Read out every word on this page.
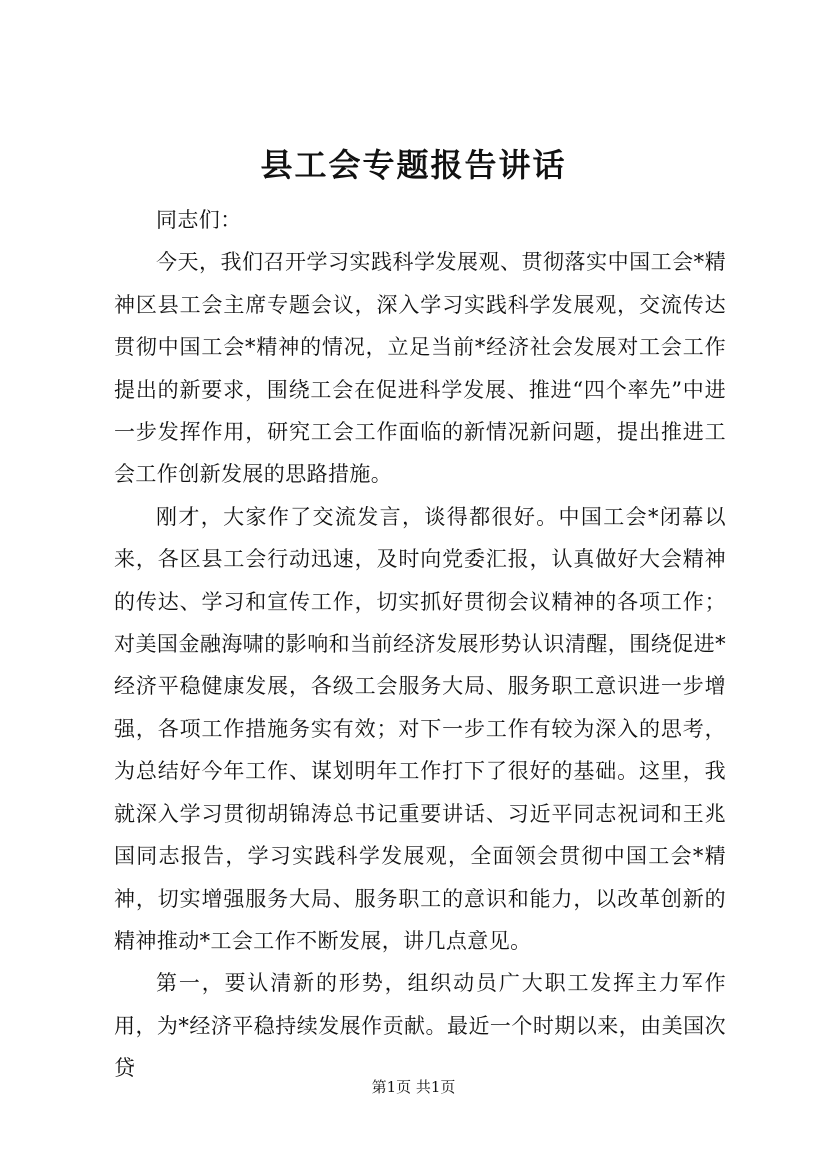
县工会专题报告讲话

同志们：

今天，我们召开学习实践科学发展观、贯彻落实中国工会*精神区县工会主席专题会议，深入学习实践科学发展观，交流传达贯彻中国工会*精神的情况，立足当前*经济社会发展对工会工作提出的新要求，围绕工会在促进科学发展、推进“四个率先”中进一步发挥作用，研究工会工作面临的新情况新问题，提出推进工会工作创新发展的思路措施。

刚才，大家作了交流发言，谈得都很好。中国工会*闭幕以来，各区县工会行动迅速，及时向党委汇报，认真做好大会精神的传达、学习和宣传工作，切实抓好贯彻会议精神的各项工作；对美国金融海啸的影响和当前经济发展形势认识清醒，围绕促进*经济平稳健康发展，各级工会服务大局、服务职工意识进一步增强，各项工作措施务实有效；对下一步工作有较为深入的思考，为总结好今年工作、谋划明年工作打下了很好的基础。这里，我就深入学习贯彻胡锦涛总书记重要讲话、习近平同志祝词和王兆国同志报告，学习实践科学发展观，全面领会贯彻中国工会*精神，切实增强服务大局、服务职工的意识和能力，以改革创新的精神推动*工会工作不断发展，讲几点意见。

第一，要认清新的形势，组织动员广大职工发挥主力军作用，为*经济平稳持续发展作贡献。最近一个时期以来，由美国次贷

第1页 共1页
